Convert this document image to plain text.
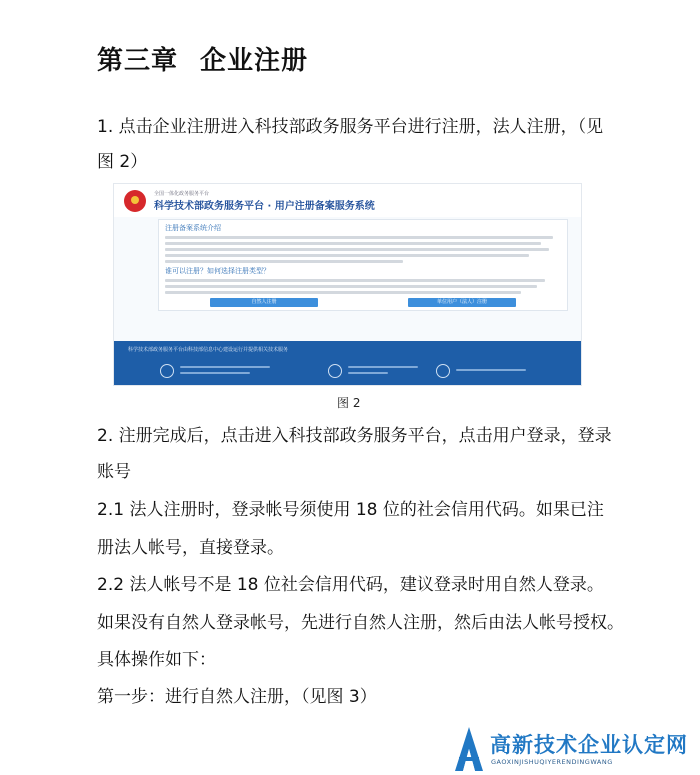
第三章 企业注册
1. 点击企业注册进入科技部政务服务平台进行注册，法人注册，（见
图 2）
全国一体化政务服务平台
科学技术部政务服务平台 · 用户注册备案服务系统
注册备案系统介绍
谁可以注册？如何选择注册类型？
自然人注册	单位用户（法人）注册
科学技术部政务服务平台由科技部信息中心建设运行并提供相关技术服务
图 2
2. 注册完成后，点击进入科技部政务服务平台，点击用户登录，登录
账号
2.1 法人注册时，登录帐号须使用 18 位的社会信用代码。如果已注
册法人帐号，直接登录。
2.2 法人帐号不是 18 位社会信用代码，建议登录时用自然人登录。
如果没有自然人登录帐号，先进行自然人注册，然后由法人帐号授权。
具体操作如下：
第一步：进行自然人注册，（见图 3）
高新技术企业认定网
GAOXINJISHUQIYERENDINGWANG
